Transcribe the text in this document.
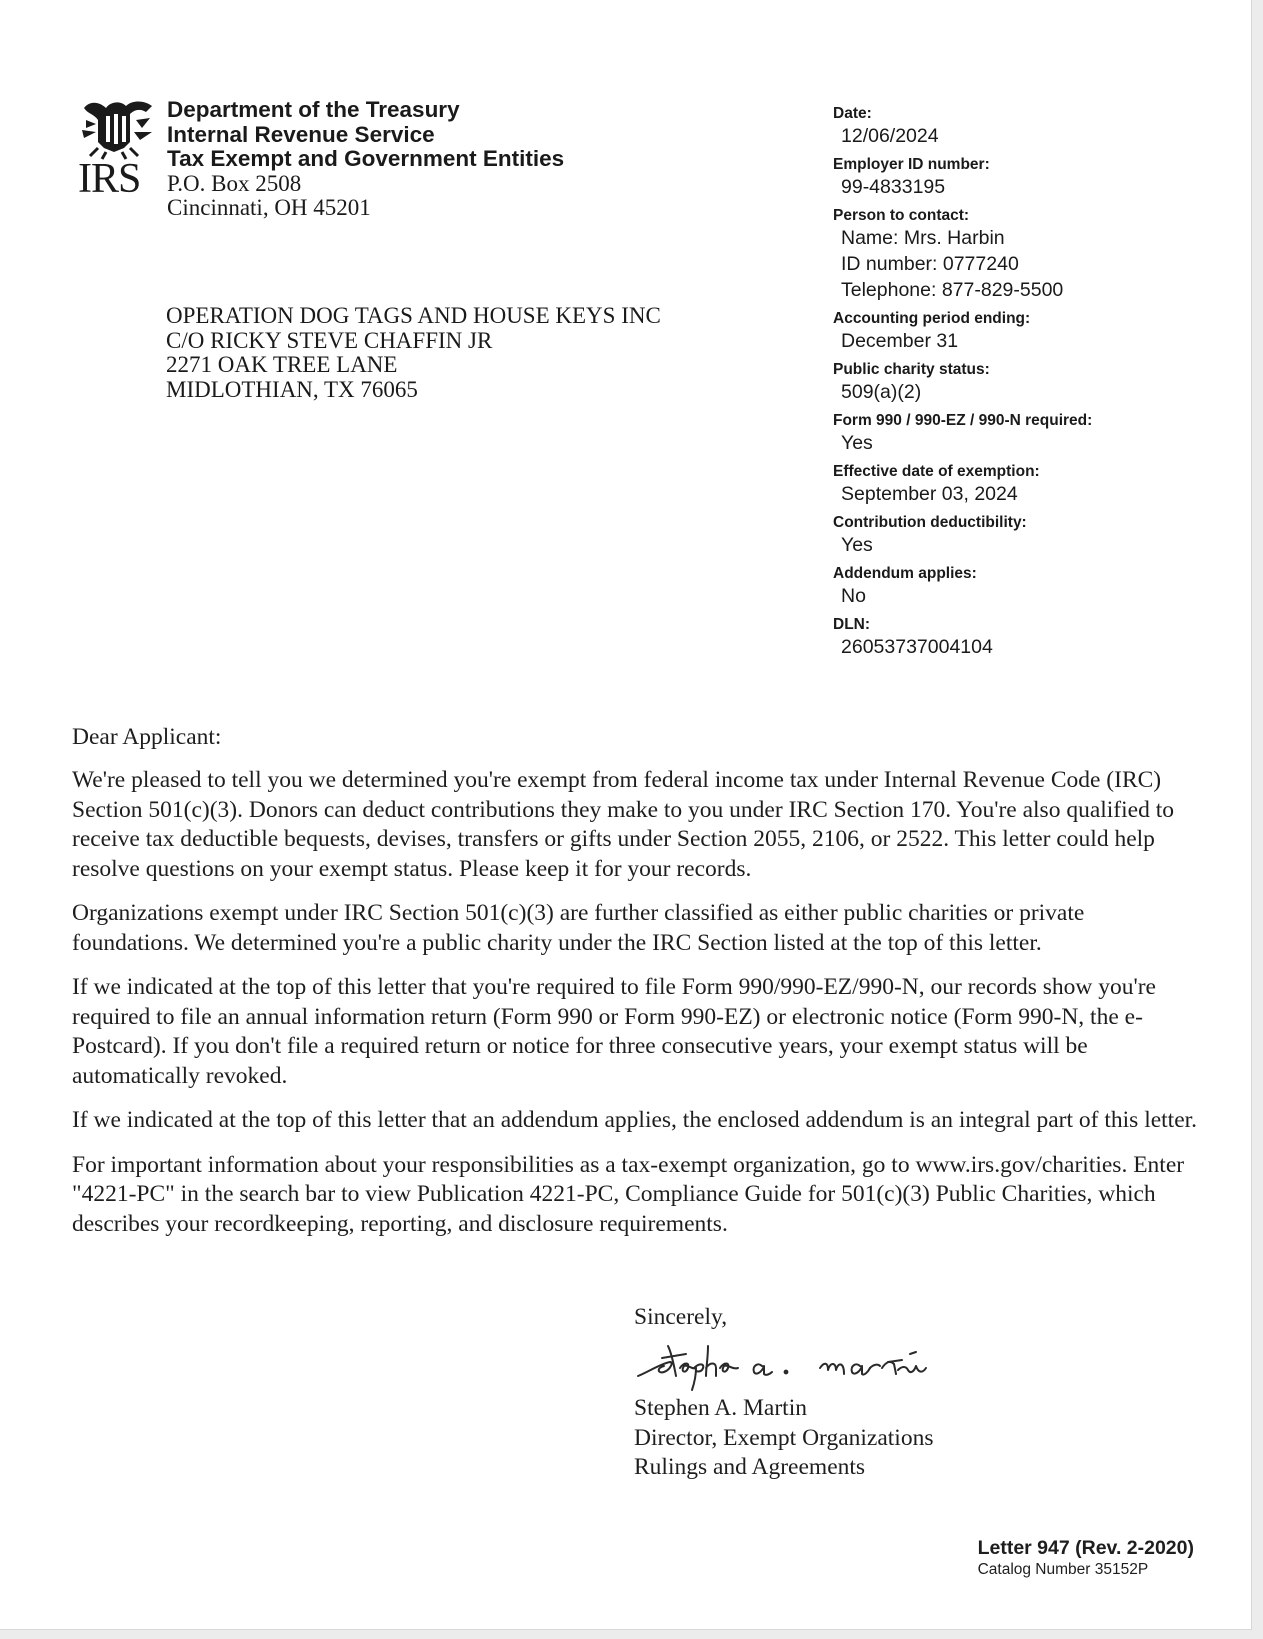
IRS
Department of the Treasury
Internal Revenue Service
Tax Exempt and Government Entities
P.O. Box 2508
Cincinnati, OH 45201
OPERATION DOG TAGS AND HOUSE KEYS INC
C/O RICKY STEVE CHAFFIN JR
2271 OAK TREE LANE
MIDLOTHIAN, TX 76065
Date:
12/06/2024
Employer ID number:
99-4833195
Person to contact:
Name: Mrs. Harbin
ID number: 0777240
Telephone: 877-829-5500
Accounting period ending:
December 31
Public charity status:
509(a)(2)
Form 990 / 990-EZ / 990-N required:
Yes
Effective date of exemption:
September 03, 2024
Contribution deductibility:
Yes
Addendum applies:
No
DLN:
26053737004104

Dear Applicant:

We're pleased to tell you we determined you're exempt from federal income tax under Internal Revenue Code (IRC) Section 501(c)(3). Donors can deduct contributions they make to you under IRC Section 170. You're also qualified to receive tax deductible bequests, devises, transfers or gifts under Section 2055, 2106, or 2522. This letter could help resolve questions on your exempt status. Please keep it for your records.

Organizations exempt under IRC Section 501(c)(3) are further classified as either public charities or private foundations. We determined you're a public charity under the IRC Section listed at the top of this letter.

If we indicated at the top of this letter that you're required to file Form 990/990-EZ/990-N, our records show you're required to file an annual information return (Form 990 or Form 990-EZ) or electronic notice (Form 990-N, the e-Postcard). If you don't file a required return or notice for three consecutive years, your exempt status will be automatically revoked.

If we indicated at the top of this letter that an addendum applies, the enclosed addendum is an integral part of this letter.

For important information about your responsibilities as a tax-exempt organization, go to www.irs.gov/charities. Enter "4221-PC" in the search bar to view Publication 4221-PC, Compliance Guide for 501(c)(3) Public Charities, which describes your recordkeeping, reporting, and disclosure requirements.

Sincerely,
Stephen A. Martin
Director, Exempt Organizations
Rulings and Agreements
Letter 947 (Rev. 2-2020)
Catalog Number 35152P
